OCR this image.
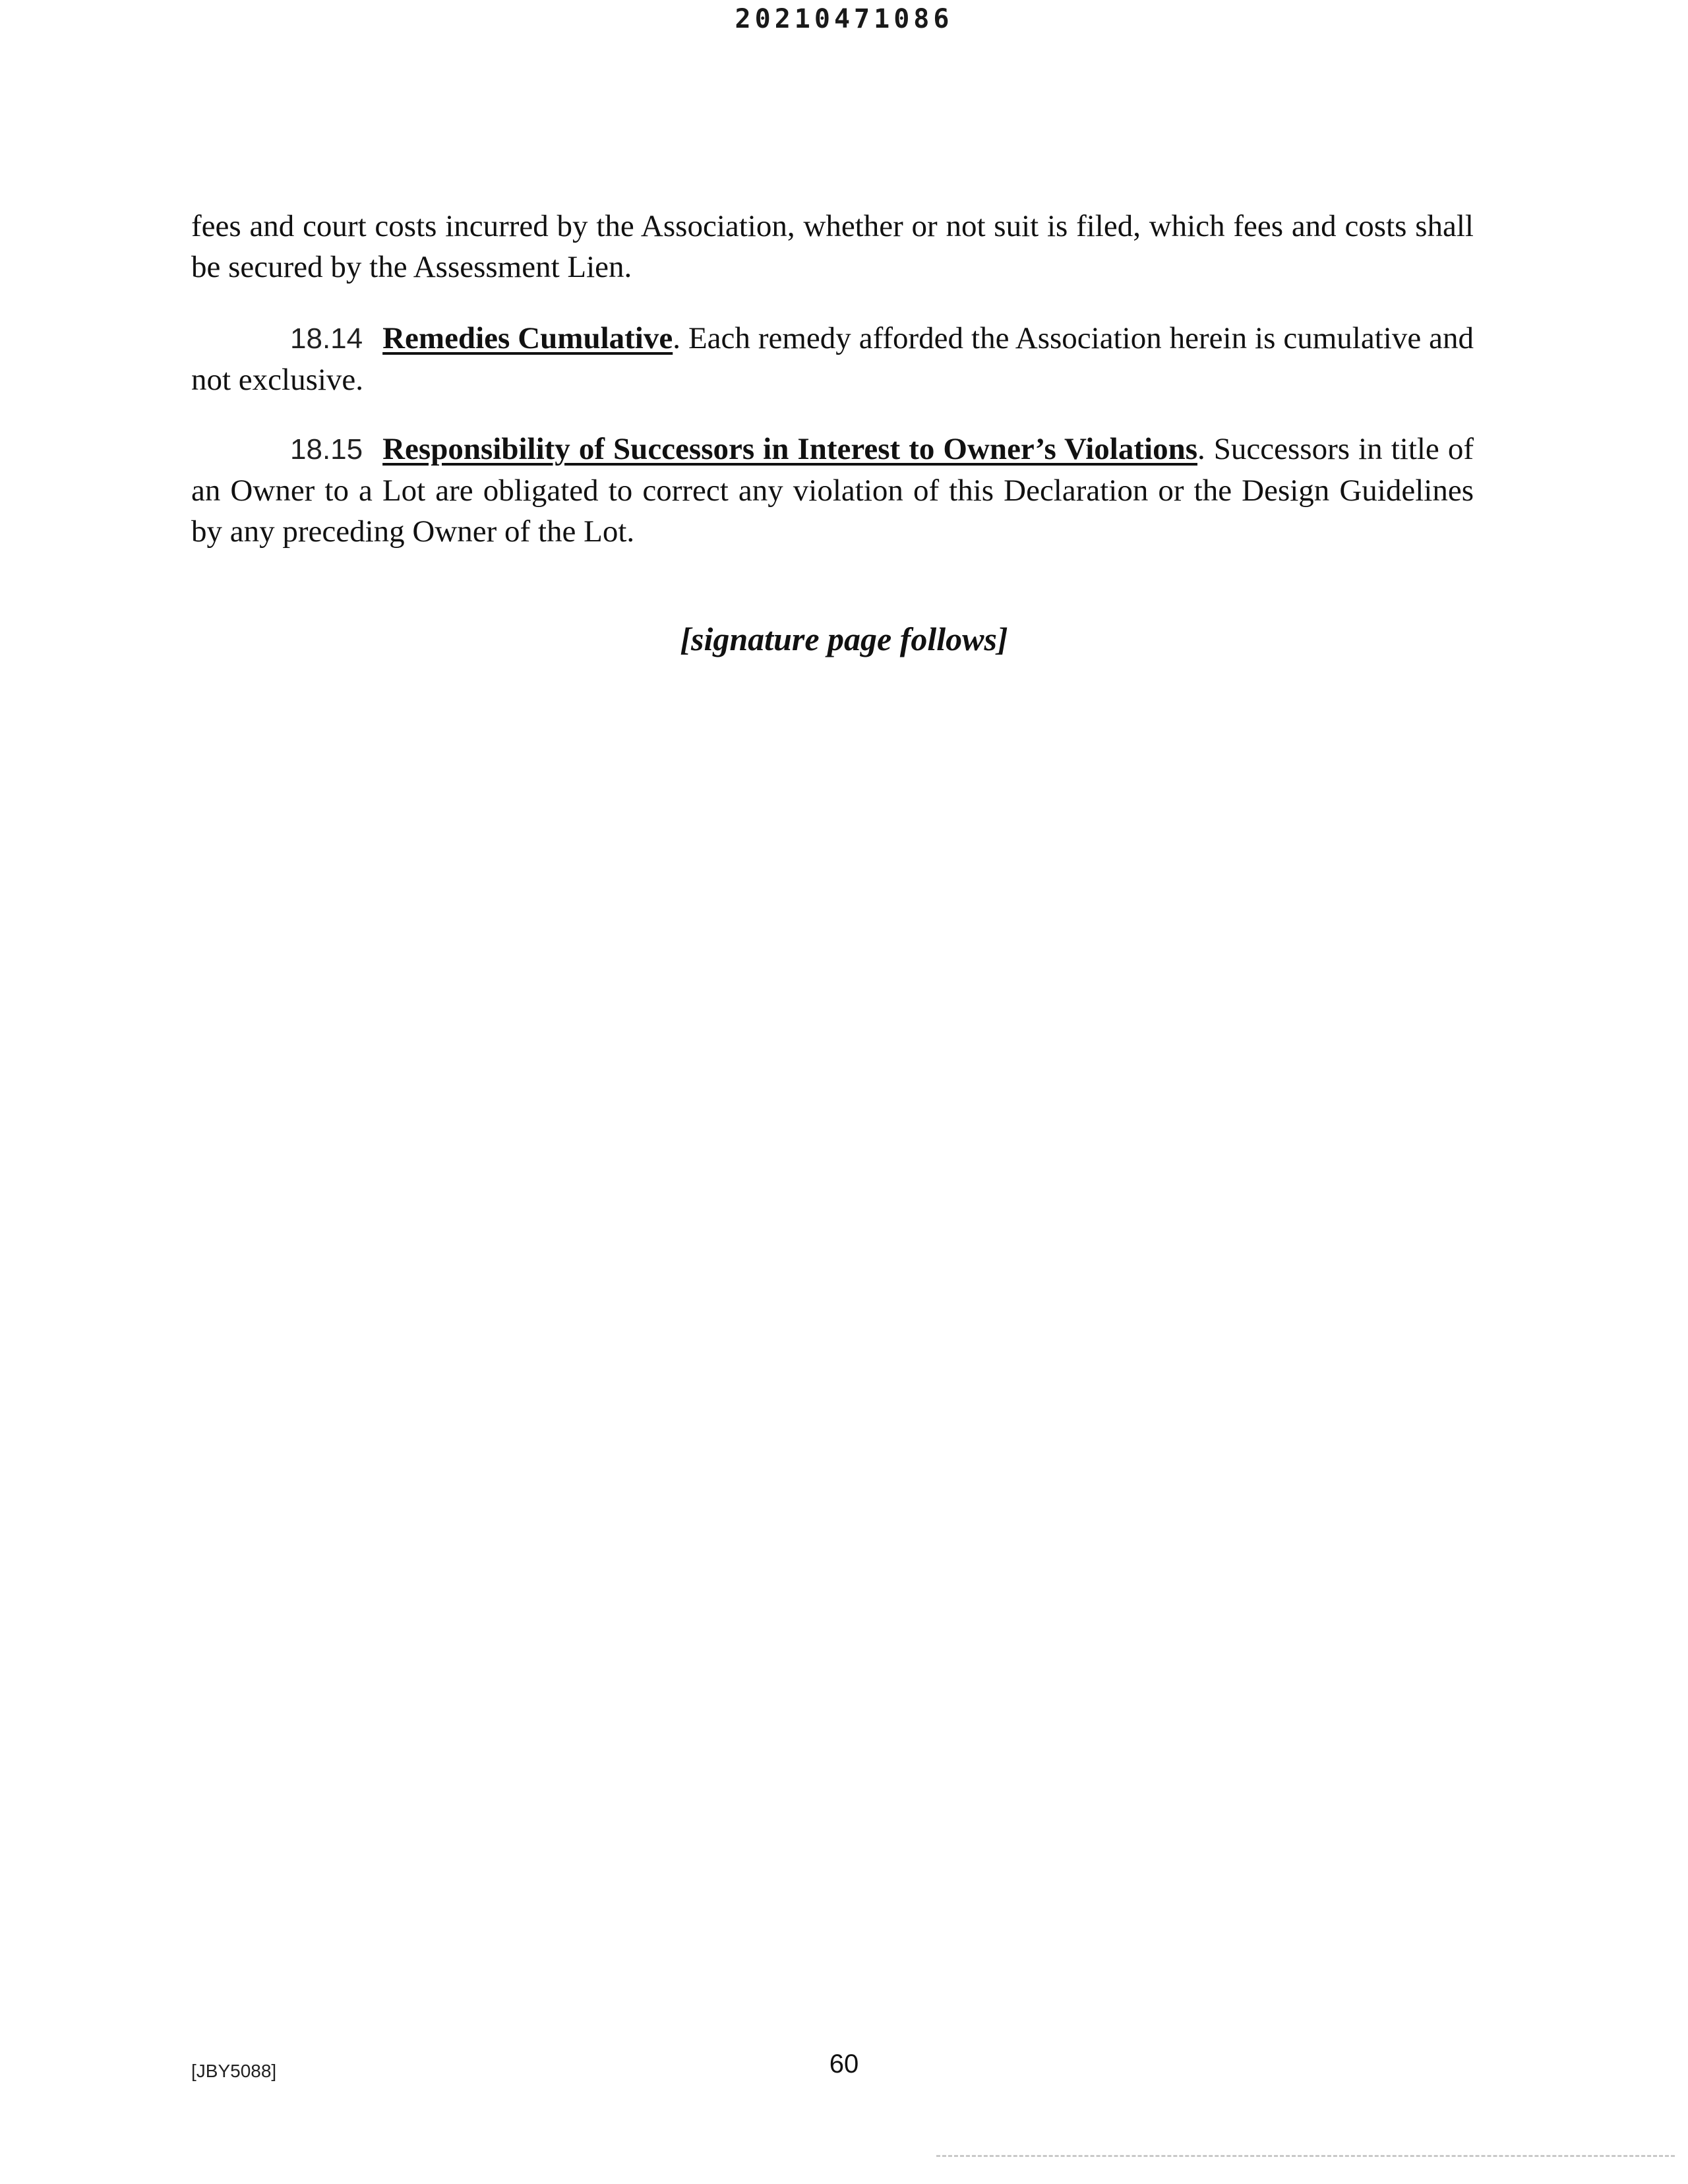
20210471086

fees and court costs incurred by the Association, whether or not suit is filed, which fees and costs shall be secured by the Assessment Lien.

18.14 Remedies Cumulative. Each remedy afforded the Association herein is cumulative and not exclusive.

18.15 Responsibility of Successors in Interest to Owner’s Violations. Successors in title of an Owner to a Lot are obligated to correct any violation of this Declaration or the Design Guidelines by any preceding Owner of the Lot.

[signature page follows]
[JBY5088]	60
